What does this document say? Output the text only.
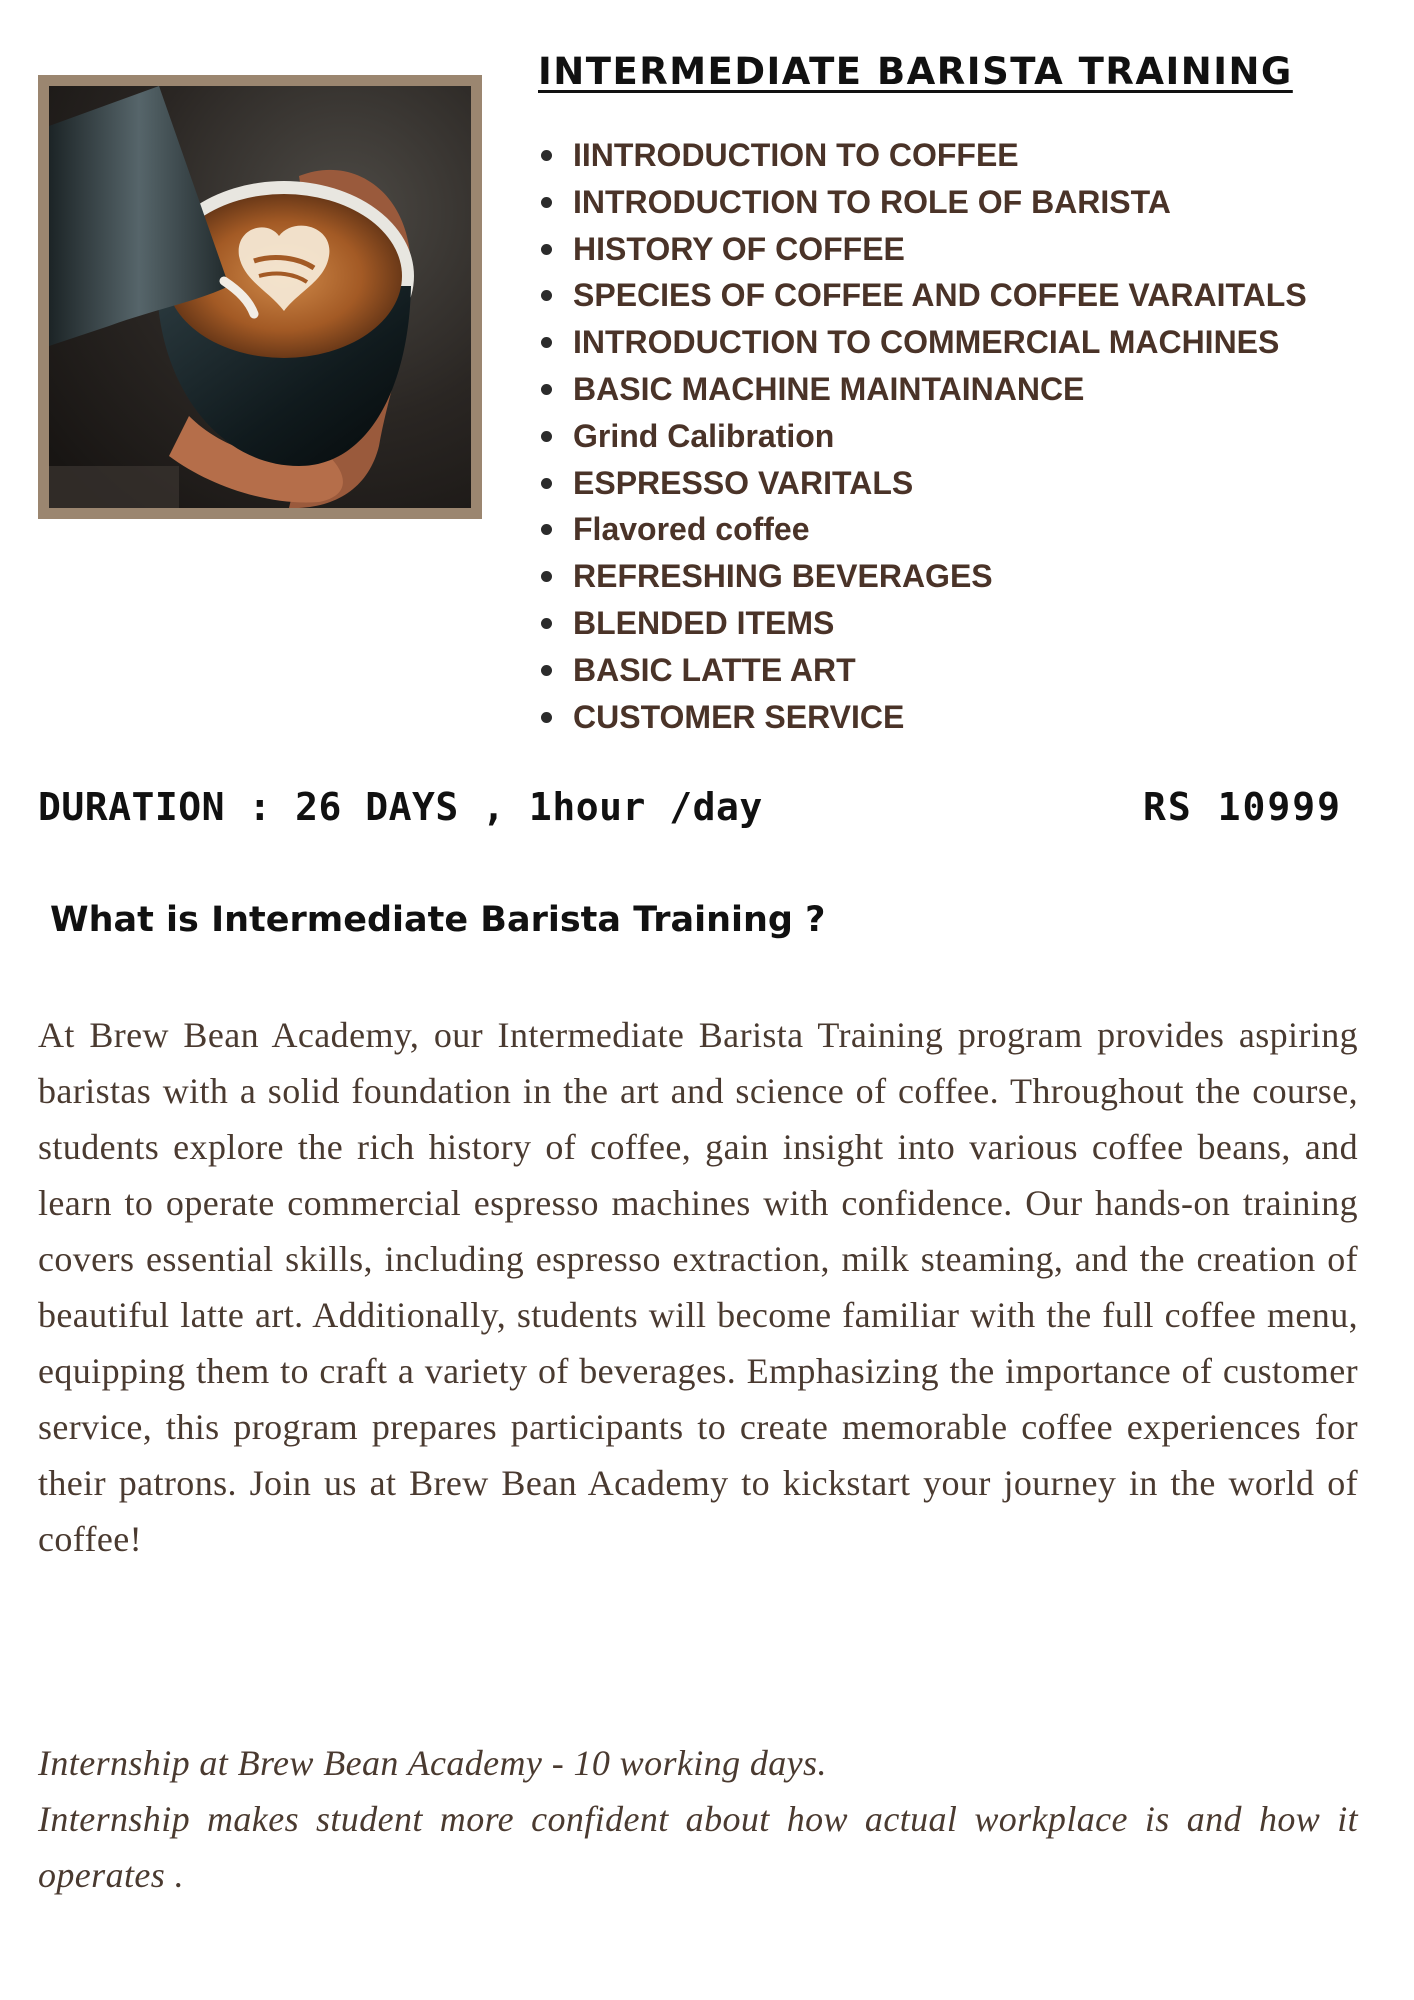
INTERMEDIATE BARISTA TRAINING
IINTRODUCTION TO COFFEE
INTRODUCTION TO ROLE OF BARISTA
HISTORY OF COFFEE
SPECIES OF COFFEE AND COFFEE VARAITALS
INTRODUCTION TO COMMERCIAL MACHINES
BASIC MACHINE MAINTAINANCE
Grind Calibration
ESPRESSO VARITALS
Flavored coffee
REFRESHING BEVERAGES
BLENDED ITEMS
BASIC LATTE ART
CUSTOMER SERVICE
DURATION : 26 DAYS , 1hour /day	RS 10999
What is Intermediate Barista Training ?

At Brew Bean Academy, our Intermediate Barista Training program provides aspiring baristas with a solid foundation in the art and science of coffee. Throughout the course, students explore the rich history of coffee, gain insight into various coffee beans, and learn to operate commercial espresso machines with confidence. Our hands-on training covers essential skills, including espresso extraction, milk steaming, and the creation of beautiful latte art. Additionally, students will become familiar with the full coffee menu, equipping them to craft a variety of beverages. Emphasizing the importance of customer service, this program prepares participants to create memorable coffee experiences for their patrons. Join us at Brew Bean Academy to kickstart your journey in the world of coffee!

Internship at Brew Bean Academy - 10 working days.

Internship makes student more confident about how actual workplace is and how it operates .
